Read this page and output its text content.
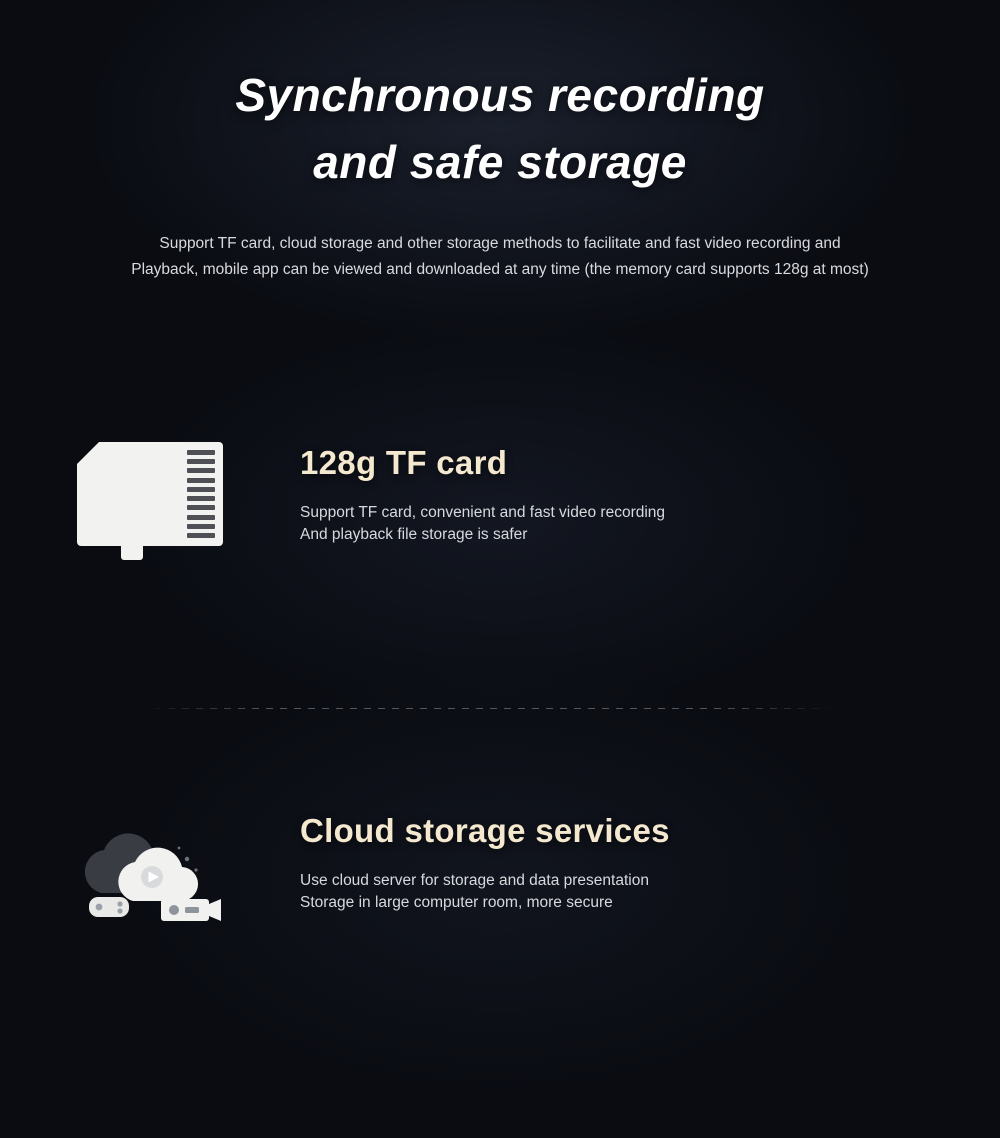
Synchronous recording
and safe storage
Support TF card, cloud storage and other storage methods to facilitate and fast video recording and
Playback, mobile app can be viewed and downloaded at any time (the memory card supports 128g at most)
128g TF card
Support TF card, convenient and fast video recording
And playback file storage is safer
Cloud storage services
Use cloud server for storage and data presentation
Storage in large computer room, more secure
